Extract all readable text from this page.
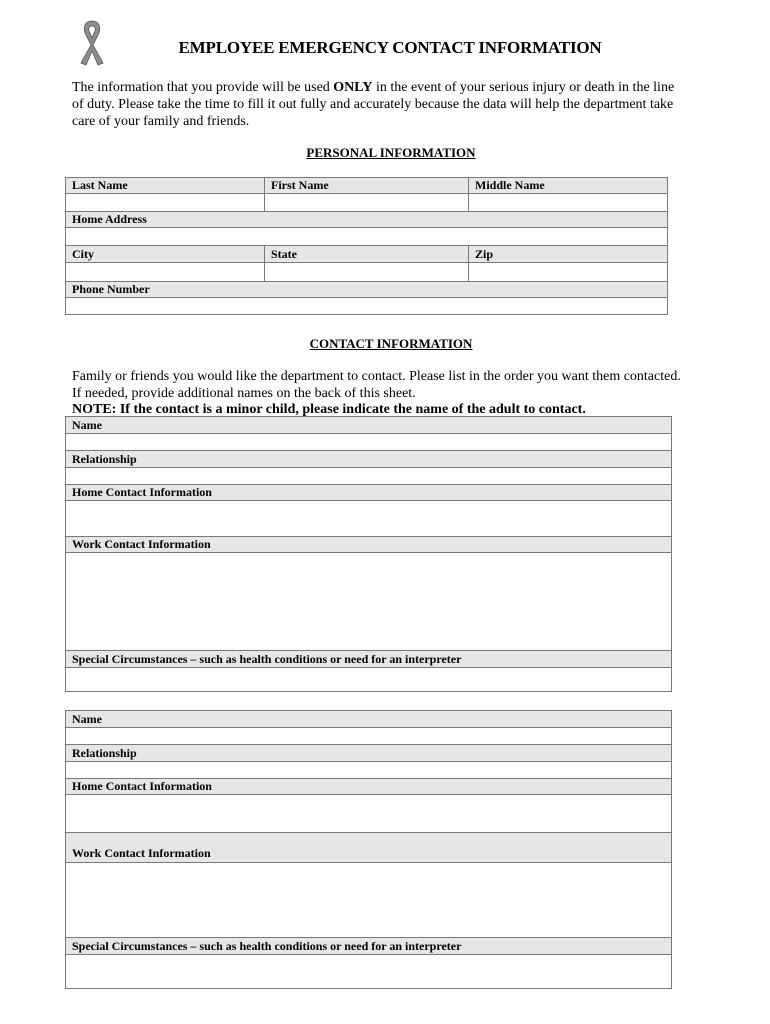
EMPLOYEE EMERGENCY CONTACT INFORMATION
The information that you provide will be used ONLY in the event of your serious injury or death in the line of duty. Please take the time to fill it out fully and accurately because the data will help the department take care of your family and friends.
PERSONAL INFORMATION
Last Name	First Name	Middle Name

Home Address		

City	State	Zip

Phone Number		

CONTACT INFORMATION
Family or friends you would like the department to contact. Please list in the order you want them contacted. If needed, provide additional names on the back of this sheet.
NOTE: If the contact is a minor child, please indicate the name of the adult to contact.
Name

Relationship

Home Contact Information

Work Contact Information

Special Circumstances – such as health conditions or need for an interpreter

Name

Relationship

Home Contact Information

Work Contact Information

Special Circumstances – such as health conditions or need for an interpreter
